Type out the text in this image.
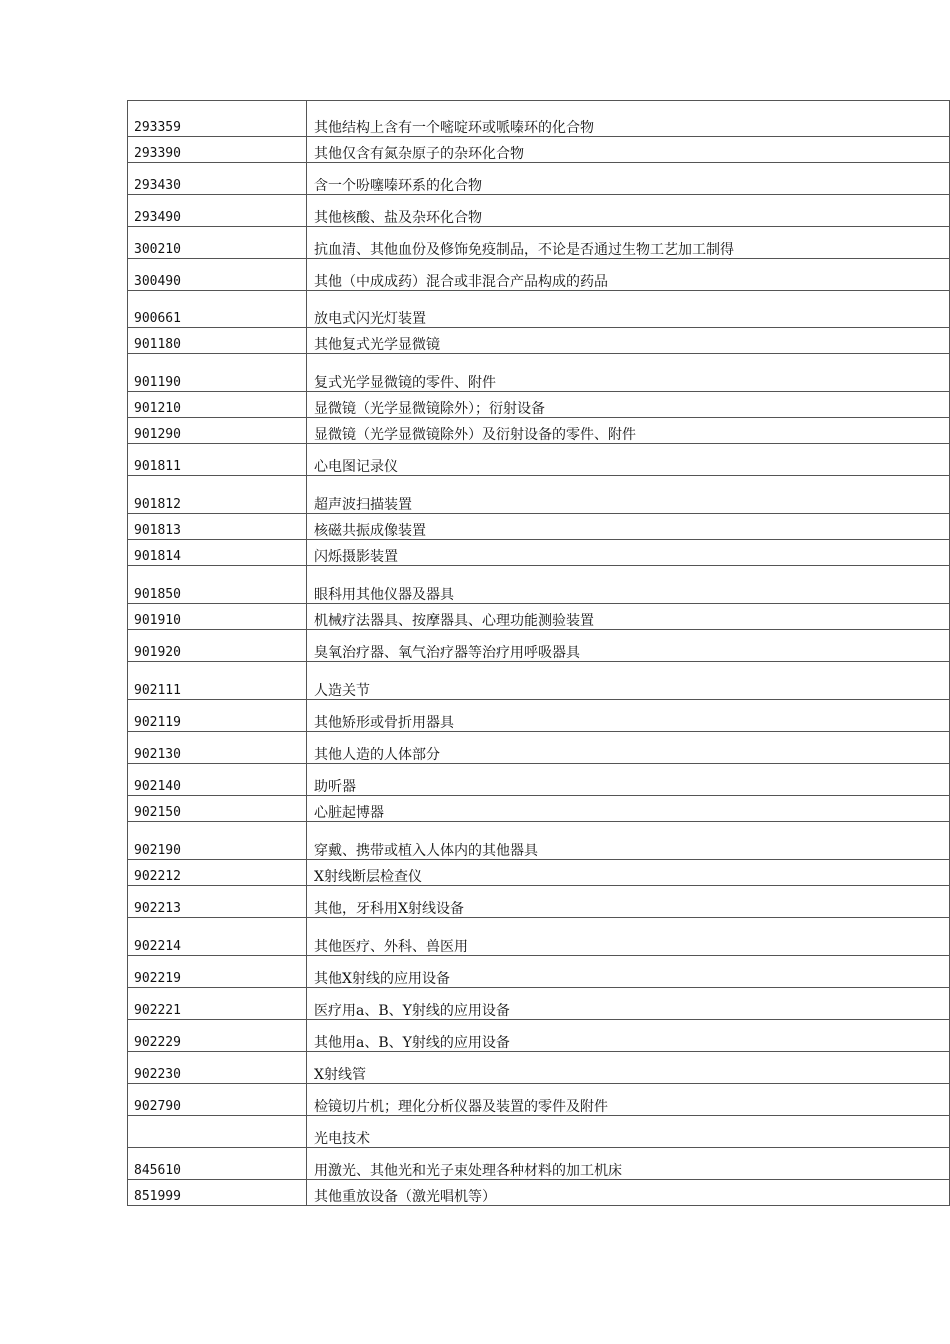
293359	其他结构上含有一个嘧啶环或哌嗪环的化合物
293390	其他仅含有氮杂原子的杂环化合物
293430	含一个吩噻嗪环系的化合物
293490	其他核酸、盐及杂环化合物
300210	抗血清、其他血份及修饰免疫制品，不论是否通过生物工艺加工制得
300490	其他（中成成药）混合或非混合产品构成的药品
900661	放电式闪光灯装置
901180	其他复式光学显微镜
901190	复式光学显微镜的零件、附件
901210	显微镜（光学显微镜除外）；衍射设备
901290	显微镜（光学显微镜除外）及衍射设备的零件、附件
901811	心电图记录仪
901812	超声波扫描装置
901813	核磁共振成像装置
901814	闪烁摄影装置
901850	眼科用其他仪器及器具
901910	机械疗法器具、按摩器具、心理功能测验装置
901920	臭氧治疗器、氧气治疗器等治疗用呼吸器具
902111	人造关节
902119	其他矫形或骨折用器具
902130	其他人造的人体部分
902140	助听器
902150	心脏起博器
902190	穿戴、携带或植入人体内的其他器具
902212	X射线断层检查仪
902213	其他，牙科用X射线设备
902214	其他医疗、外科、兽医用
902219	其他X射线的应用设备
902221	医疗用a、B、Y射线的应用设备
902229	其他用a、B、Y射线的应用设备
902230	X射线管
902790	检镜切片机；理化分析仪器及装置的零件及附件
	光电技术
845610	用激光、其他光和光子束处理各种材料的加工机床
851999	其他重放设备（激光唱机等）
